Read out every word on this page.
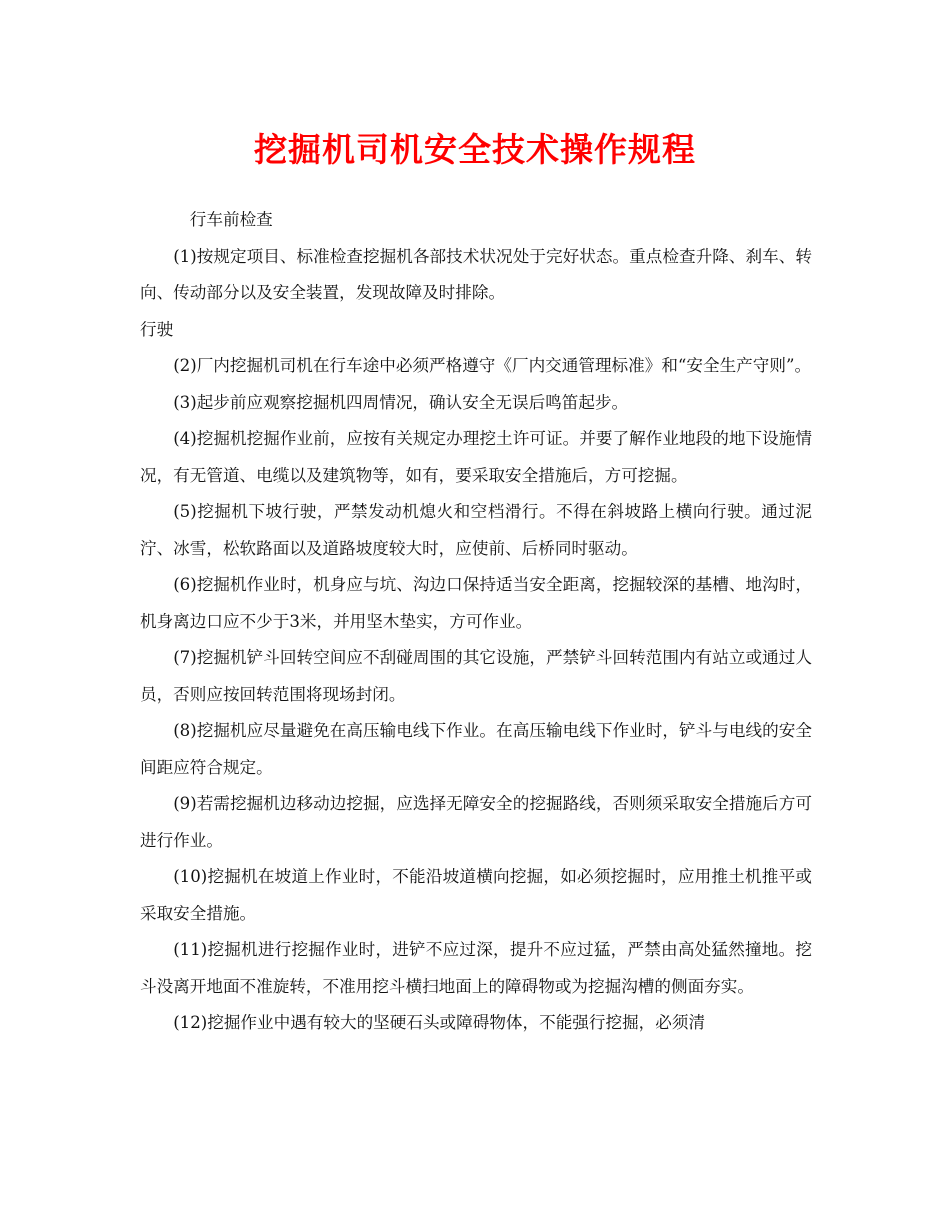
挖掘机司机安全技术操作规程

行车前检查

(1)按规定项目、标准检查挖掘机各部技术状况处于完好状态。重点检查升降、刹车、转向、传动部分以及安全装置，发现故障及时排除。

行驶

(2)厂内挖掘机司机在行车途中必须严格遵守《厂内交通管理标准》和“安全生产守则”。

(3)起步前应观察挖掘机四周情况，确认安全无误后鸣笛起步。

(4)挖掘机挖掘作业前，应按有关规定办理挖土许可证。并要了解作业地段的地下设施情况，有无管道、电缆以及建筑物等，如有，要采取安全措施后，方可挖掘。

(5)挖掘机下坡行驶，严禁发动机熄火和空档滑行。不得在斜坡路上横向行驶。通过泥泞、冰雪，松软路面以及道路坡度较大时，应使前、后桥同时驱动。

(6)挖掘机作业时，机身应与坑、沟边口保持适当安全距离，挖掘较深的基槽、地沟时，机身离边口应不少于3米，并用坚木垫实，方可作业。

(7)挖掘机铲斗回转空间应不刮碰周围的其它设施，严禁铲斗回转范围内有站立或通过人员，否则应按回转范围将现场封闭。

(8)挖掘机应尽量避免在高压输电线下作业。在高压输电线下作业时，铲斗与电线的安全间距应符合规定。

(9)若需挖掘机边移动边挖掘，应选择无障安全的挖掘路线，否则须采取安全措施后方可进行作业。

(10)挖掘机在坡道上作业时，不能沿坡道横向挖掘，如必须挖掘时，应用推土机推平或采取安全措施。

(11)挖掘机进行挖掘作业时，进铲不应过深，提升不应过猛，严禁由高处猛然撞地。挖斗没离开地面不准旋转，不准用挖斗横扫地面上的障碍物或为挖掘沟槽的侧面夯实。

(12)挖掘作业中遇有较大的坚硬石头或障碍物体，不能强行挖掘，必须清
